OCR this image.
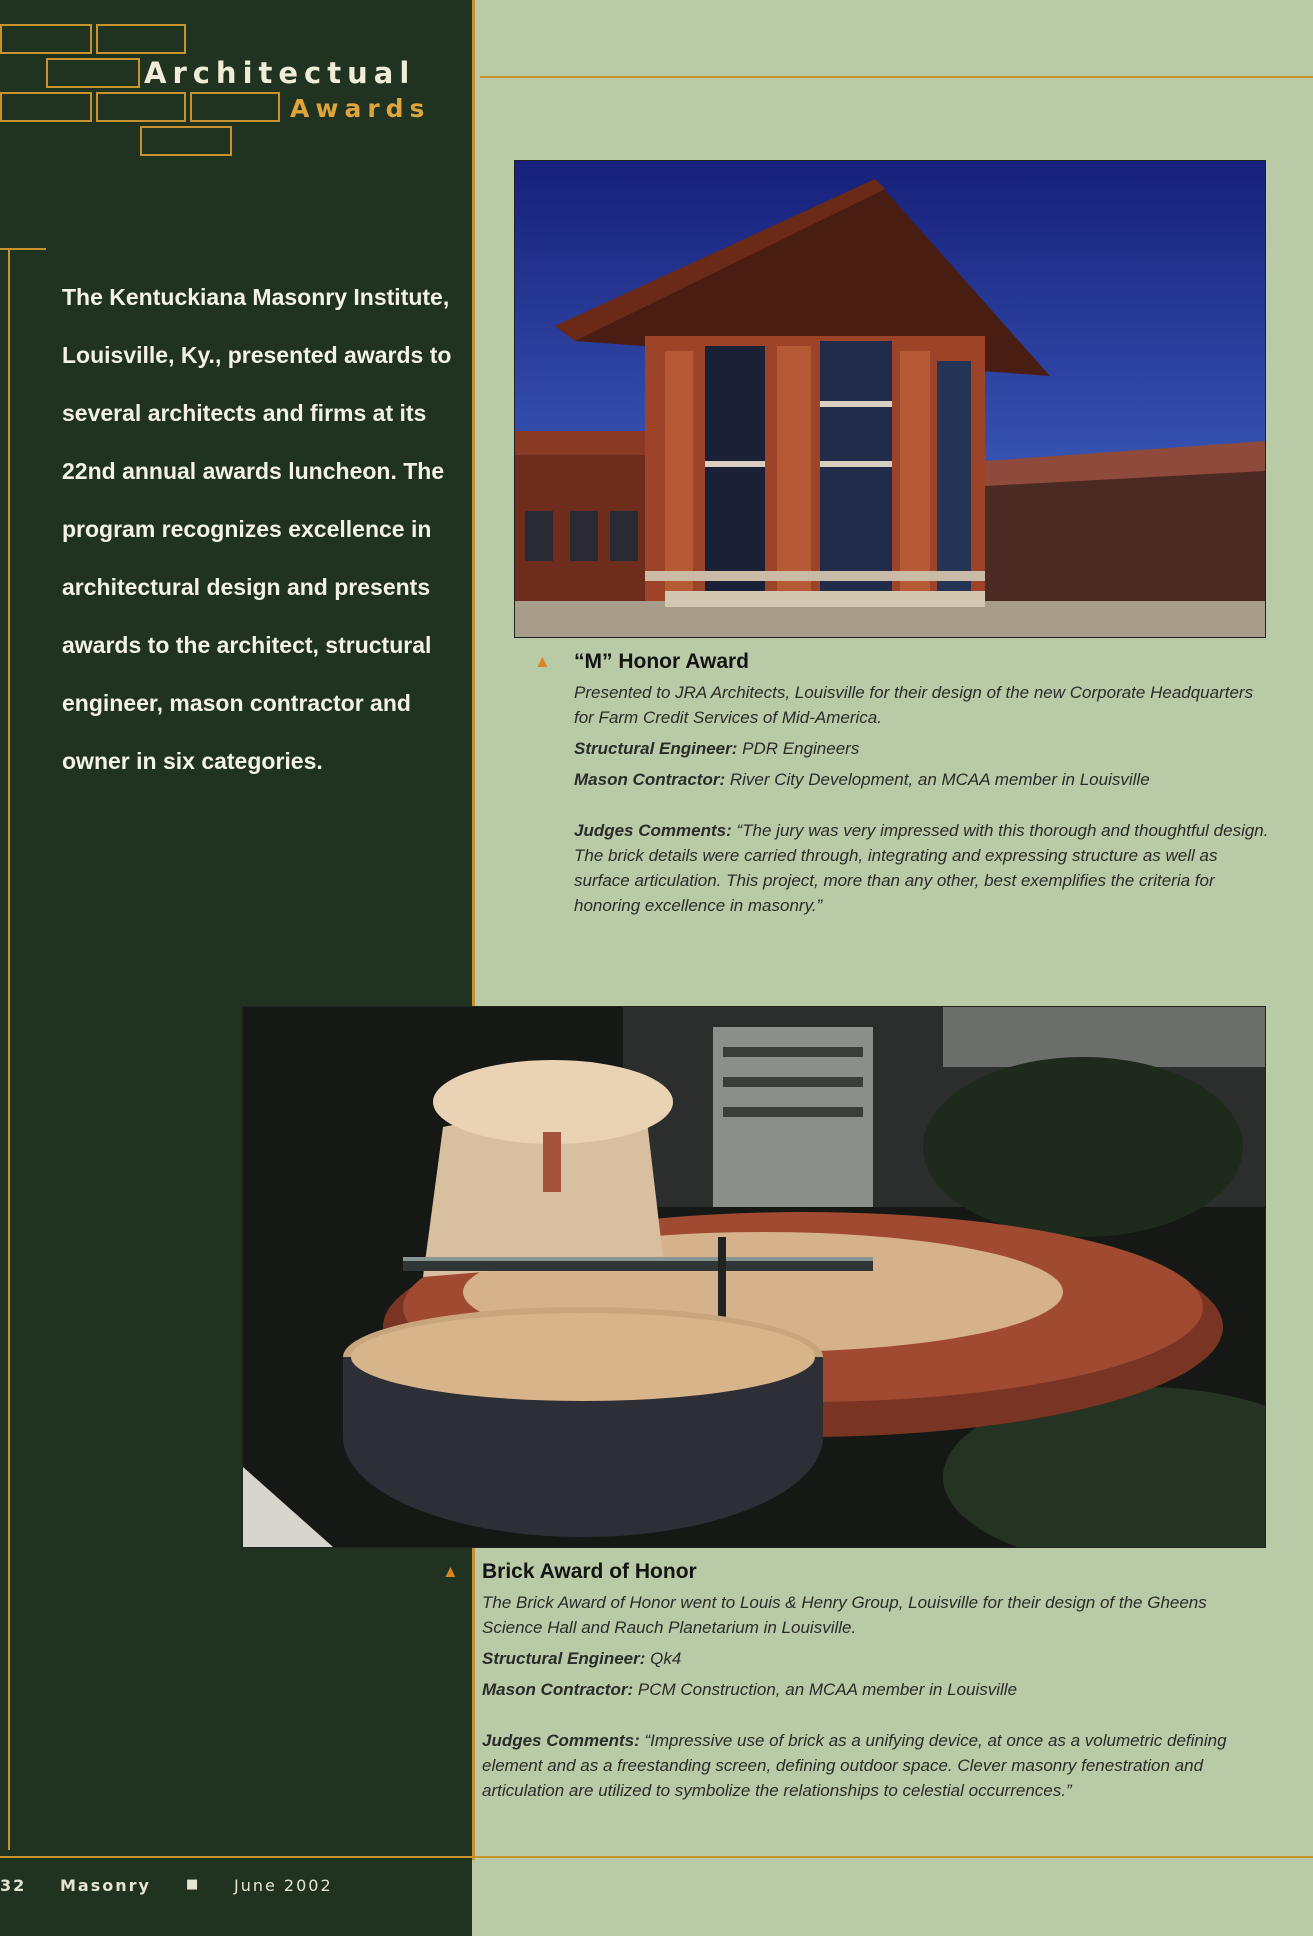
Architectual
Awards
The Kentuckiana Masonry Institute, Louisville, Ky., presented awards to several architects and firms at its 22nd annual awards luncheon. The program recognizes excellence in architectural design and presents awards to the architect, structural engineer, mason contractor and owner in six categories.
▲ “M” Honor Award

Presented to JRA Architects, Louisville for their design of the new Corporate Headquarters for Farm Credit Services of Mid-America.

Structural Engineer: PDR Engineers

Mason Contractor: River City Development, an MCAA member in Louisville

Judges Comments: “The jury was very impressed with this thorough and thoughtful design. The brick details were carried through, integrating and expressing structure as well as surface articulation. This project, more than any other, best exemplifies the criteria for honoring excellence in masonry.”

▲ Brick Award of Honor

The Brick Award of Honor went to Louis & Henry Group, Louisville for their design of the Gheens Science Hall and Rauch Planetarium in Louisville.

Structural Engineer: Qk4

Mason Contractor: PCM Construction, an MCAA member in Louisville

Judges Comments: “Impressive use of brick as a unifying device, at once as a volumetric defining element and as a freestanding screen, defining outdoor space. Clever masonry fenestration and articulation are utilized to symbolize the relationships to celestial occurrences.”

32 Masonry	■ June 2002
